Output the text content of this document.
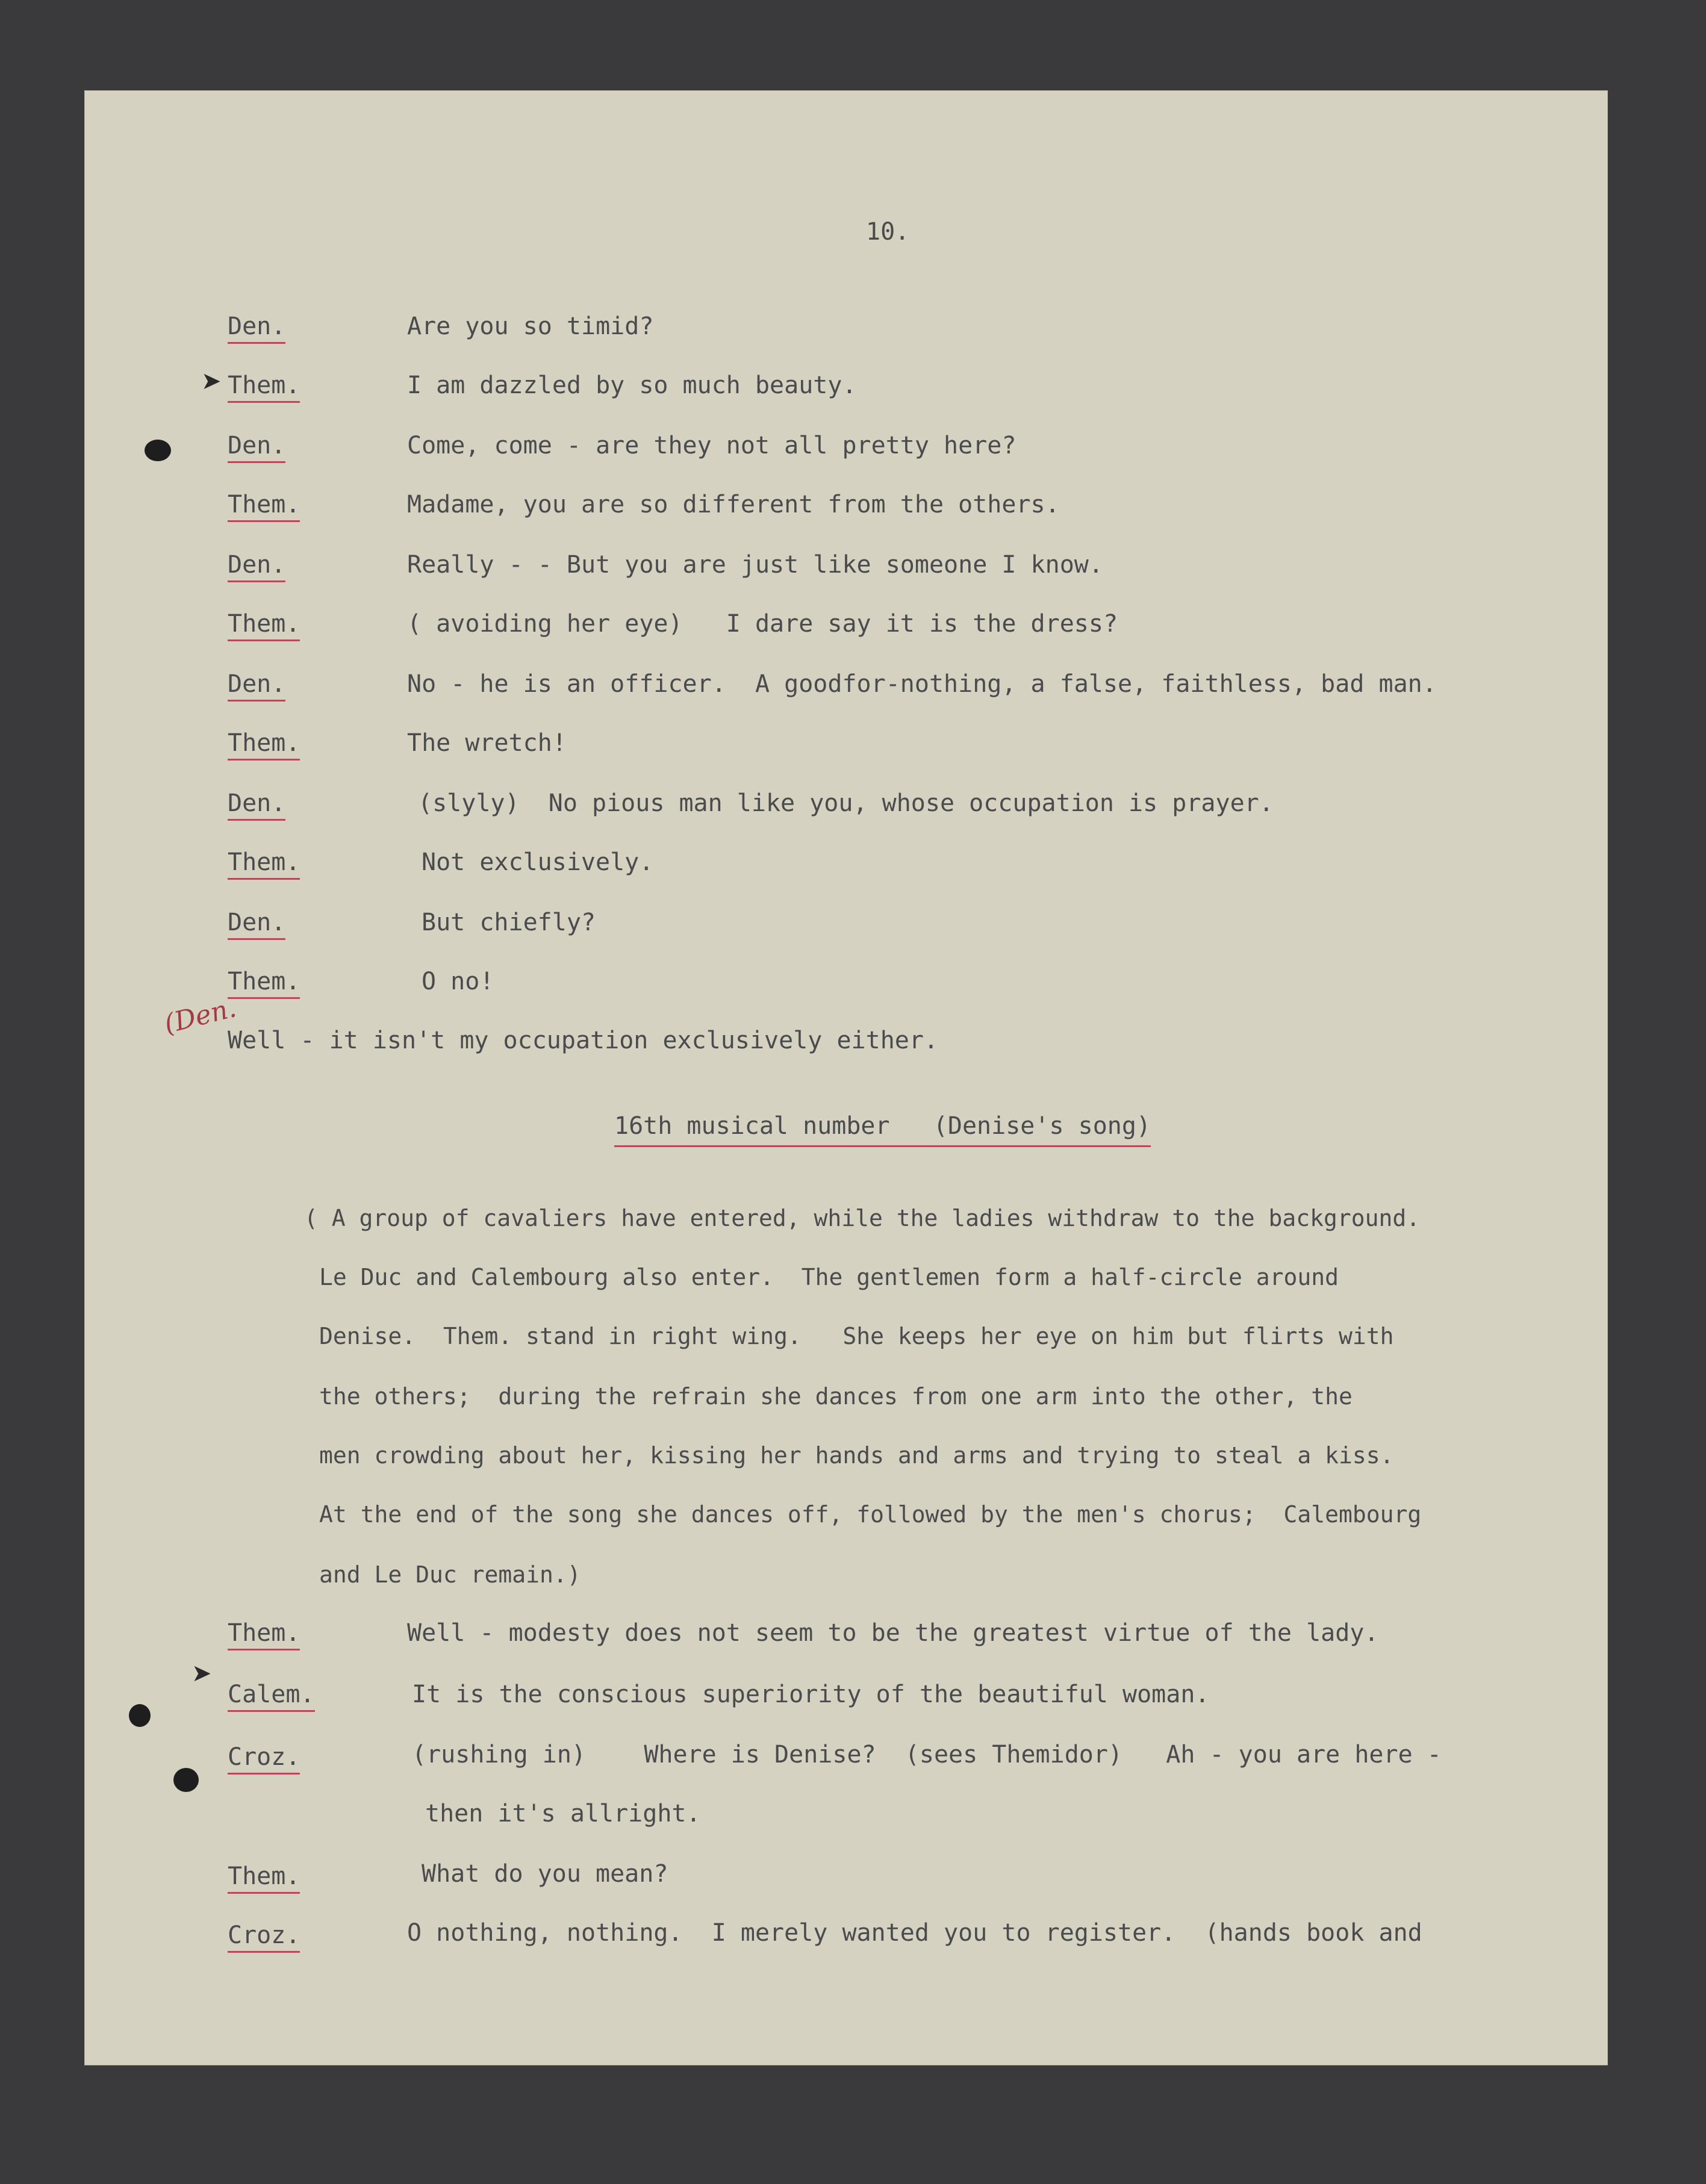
10.
➤
➤
Den.	Are you so timid?
Them.	I am dazzled by so much beauty.
Den.	Come, come - are they not all pretty here?
Them.	Madame, you are so different from the others.
Den.	Really - - But you are just like someone I know.
Them.	( avoiding her eye)   I dare say it is the dress?
Den.	No - he is an officer.  A goodfor-nothing, a false, faithless, bad man.
Them.	The wretch!
Den.	(slyly)  No pious man like you, whose occupation is prayer.
Them.	Not exclusively.
Den.	But chiefly?
Them.	O no!
(Den.
Well - it isn't my occupation exclusively either.
16th musical number   (Denise's song)
( A group of cavaliers have entered, while the ladies withdraw to the background.
Le Duc and Calembourg also enter.  The gentlemen form a half-circle around
Denise.  Them. stand in right wing.   She keeps her eye on him but flirts with
the others;  during the refrain she dances from one arm into the other, the
men crowding about her, kissing her hands and arms and trying to steal a kiss.
At the end of the song she dances off, followed by the men's chorus;  Calembourg
and Le Duc remain.)
Them.	Well - modesty does not seem to be the greatest virtue of the lady.
Calem.	It is the conscious superiority of the beautiful woman.
Croz.	(rushing in)    Where is Denise?  (sees Themidor)   Ah - you are here -
then it's allright.
Them.	What do you mean?
Croz.	O nothing, nothing.  I merely wanted you to register.  (hands book and
